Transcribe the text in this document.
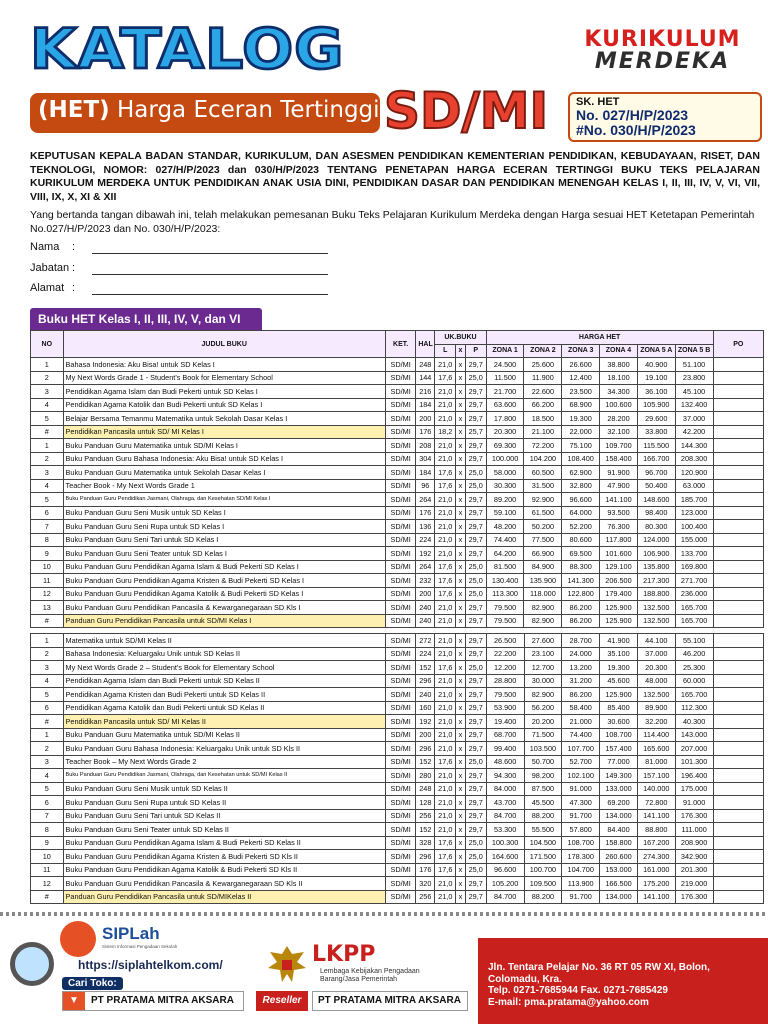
KATALOG	KURIKULUM
MERDEKA
(HET) Harga Eceran Tertinggi SD/MI	SK. HET
No. 027/H/P/2023
#No. 030/H/P/2023
KEPUTUSAN KEPALA BADAN STANDAR, KURIKULUM, DAN ASESMEN PENDIDIKAN KEMENTERIAN PENDIDIKAN, KEBUDAYAAN, RISET, DAN TEKNOLOGI, NOMOR: 027/H/P/2023 dan 030/H/P/2023 TENTANG PENETAPAN HARGA ECERAN TERTINGGI BUKU TEKS PELAJARAN KURIKULUM MERDEKA UNTUK PENDIDIKAN ANAK USIA DINI, PENDIDIKAN DASAR DAN PENDIDIKAN MENENGAH KELAS I, II, III, IV, V, VI, VII, VIII, IX, X, XI & XII
Yang bertanda tangan dibawah ini, telah melakukan pemesanan Buku Teks Pelajaran Kurikulum Merdeka dengan Harga sesuai HET Ketetapan Pemerintah No.027/H/P/2023 dan No. 030/H/P/2023:
Nama :
Jabatan :
Alamat :
Buku HET Kelas I, II, III, IV, V, dan VI
NO	JUDUL BUKU	KET.	HAL	UK.BUKU			HARGA HET						PO
				L	x	P	ZONA 1	ZONA 2	ZONA 3	ZONA 4	ZONA 5 A	ZONA 5 B	
1	Bahasa Indonesia: Aku Bisa! untuk SD Kelas I	SD/MI	248	21,0	x	29,7	24.500	25.600	26.600	38.800	40.900	51.100	
2	My Next Words Grade 1 - Student's Book for Elementary School	SD/MI	144	17,6	x	25,0	11.500	11.900	12.400	18.100	19.100	23.800	
3	Pendidikan Agama Islam dan Budi Pekerti untuk SD Kelas I	SD/MI	216	21,0	x	29,7	21.700	22.600	23.500	34.300	36.100	45.100	
4	Pendidikan Agama Katolik dan Budi Pekerti untuk SD Kelas I	SD/MI	184	21,0	x	29,7	63.600	66.200	68.900	100.600	105.900	132.400	
5	Belajar Bersama Temanmu Matematika untuk Sekolah Dasar Kelas I	SD/MI	200	21,0	x	29,7	17.800	18.500	19.300	28.200	29.600	37.000	
#	Pendidikan Pancasila untuk SD/ MI Kelas I	SD/MI	176	18,2	x	25,7	20.300	21.100	22.000	32.100	33.800	42.200	
1	Buku Panduan Guru Matematika untuk SD/MI Kelas I	SD/MI	208	21,0	x	29,7	69.300	72.200	75.100	109.700	115.500	144.300	
2	Buku Panduan Guru Bahasa Indonesia: Aku Bisa! untuk SD Kelas I	SD/MI	304	21,0	x	29,7	100.000	104.200	108.400	158.400	166.700	208.300	
3	Buku Panduan Guru Matematika untuk Sekolah Dasar Kelas I	SD/MI	184	17,6	x	25,0	58.000	60.500	62.900	91.900	96.700	120.900	
4	Teacher Book - My Next Words Grade 1	SD/MI	96	17,6	x	25,0	30.300	31.500	32.800	47.900	50.400	63.000	
5	Buku Panduan Guru Pendidikan Jasmani, Olahraga, dan Kesehatan SD/MI Kelas I	SD/MI	264	21,0	x	29,7	89.200	92.900	96.600	141.100	148.600	185.700	
6	Buku Panduan Guru Seni Musik untuk SD Kelas I	SD/MI	176	21,0	x	29,7	59.100	61.500	64.000	93.500	98.400	123.000	
7	Buku Panduan Guru Seni Rupa untuk SD Kelas I	SD/MI	136	21,0	x	29,7	48.200	50.200	52.200	76.300	80.300	100.400	
8	Buku Panduan Guru Seni Tari untuk SD Kelas I	SD/MI	224	21,0	x	29,7	74.400	77.500	80.600	117.800	124.000	155.000	
9	Buku Panduan Guru Seni Teater untuk SD Kelas I	SD/MI	192	21,0	x	29,7	64.200	66.900	69.500	101.600	106.900	133.700	
10	Buku Panduan Guru Pendidikan Agama Islam & Budi Pekerti SD Kelas I	SD/MI	264	17,6	x	25,0	81.500	84.900	88.300	129.100	135.800	169.800	
11	Buku Panduan Guru Pendidikan Agama Kristen & Budi Pekerti SD Kelas I	SD/MI	232	17,6	x	25,0	130.400	135.900	141.300	206.500	217.300	271.700	
12	Buku Panduan Guru Pendidikan Agama Katolik & Budi Pekerti SD Kelas I	SD/MI	200	17,6	x	25,0	113.300	118.000	122.800	179.400	188.800	236.000	
13	Buku Panduan Guru Pendidikan Pancasila & Kewarganegaraan SD Kls I	SD/MI	240	21,0	x	29,7	79.500	82.900	86.200	125.900	132.500	165.700	
#	Panduan Guru Pendidikan Pancasila untuk SD/MI Kelas I	SD/MI	240	21,0	x	29,7	79.500	82.900	86.200	125.900	132.500	165.700	
1	Matematika untuk SD/MI Kelas II	SD/MI	272	21,0	x	29,7	26.500	27.600	28.700	41.900	44.100	55.100	
2	Bahasa Indonesia: Keluargaku Unik untuk SD Kelas II	SD/MI	224	21,0	x	29,7	22.200	23.100	24.000	35.100	37.000	46.200	
3	My Next Words Grade 2 – Student's Book for Elementary School	SD/MI	152	17,6	x	25,0	12.200	12.700	13.200	19.300	20.300	25.300	
4	Pendidikan Agama Islam dan Budi Pekerti untuk SD Kelas II	SD/MI	296	21,0	x	29,7	28.800	30.000	31.200	45.600	48.000	60.000	
5	Pendidikan Agama Kristen dan Budi Pekerti untuk SD Kelas II	SD/MI	240	21,0	x	29,7	79.500	82.900	86.200	125.900	132.500	165.700	
6	Pendidikan Agama Katolik dan Budi Pekerti untuk SD Kelas II	SD/MI	160	21,0	x	29,7	53.900	56.200	58.400	85.400	89.900	112.300	
#	Pendidikan Pancasila untuk SD/ MI Kelas II	SD/MI	192	21,0	x	29,7	19.400	20.200	21.000	30.600	32.200	40.300	
1	Buku Panduan Guru Matematika untuk SD/MI Kelas II	SD/MI	200	21,0	x	29,7	68.700	71.500	74.400	108.700	114.400	143.000	
2	Buku Panduan Guru Bahasa Indonesia: Keluargaku Unik untuk SD Kls II	SD/MI	296	21,0	x	29,7	99.400	103.500	107.700	157.400	165.600	207.000	
3	Teacher Book – My Next Words Grade 2	SD/MI	152	17,6	x	25,0	48.600	50.700	52.700	77.000	81.000	101.300	
4	Buku Panduan Guru Pendidikan Jasmani, Olahraga, dan Kesehatan untuk SD/MI Kelas II	SD/MI	280	21,0	x	29,7	94.300	98.200	102.100	149.300	157.100	196.400	
5	Buku Panduan Guru Seni Musik untuk SD Kelas II	SD/MI	248	21,0	x	29,7	84.000	87.500	91.000	133.000	140.000	175.000	
6	Buku Panduan Guru Seni Rupa untuk SD Kelas II	SD/MI	128	21,0	x	29,7	43.700	45.500	47.300	69.200	72.800	91.000	
7	Buku Panduan Guru Seni Tari untuk SD Kelas II	SD/MI	256	21,0	x	29,7	84.700	88.200	91.700	134.000	141.100	176.300	
8	Buku Panduan Guru Seni Teater untuk SD Kelas II	SD/MI	152	21,0	x	29,7	53.300	55.500	57.800	84.400	88.800	111.000	
9	Buku Panduan Guru Pendidikan Agama Islam & Budi Pekerti SD Kelas II	SD/MI	328	17,6	x	25,0	100.300	104.500	108.700	158.800	167.200	208.900	
10	Buku Panduan Guru Pendidikan Agama Kristen & Budi Pekerti SD Kls II	SD/MI	296	17,6	x	25,0	164.600	171.500	178.300	260.600	274.300	342.900	
11	Buku Panduan Guru Pendidikan Agama Katolik & Budi Pekerti SD Kls II	SD/MI	176	17,6	x	25,0	96.600	100.700	104.700	153.000	161.000	201.300	
12	Buku Panduan Guru Pendidikan Pancasila & Kewarganegaraan SD Kls II	SD/MI	320	21,0	x	29,7	105.200	109.500	113.900	166.500	175.200	219.000	
#	Panduan Guru Pendidikan Pancasila untuk SD/MIKelas II	SD/MI	256	21,0	x	29,7	84.700	88.200	91.700	134.000	141.100	176.300	
SIPLah
Sistem Informasi Pengadaan Sekolah
https://siplahtelkom.com/
Cari Toko:
▼	PT PRATAMA MITRA AKSARA
LKPP
Lembaga Kebijakan Pengadaan Barang/Jasa Pemerintah
Reseller	PT PRATAMA MITRA AKSARA
PT PRATAMA MITRA AKSARA
Jln. Tentara Pelajar No. 36 RT 05 RW XI, Bolon, Colomadu, Kra.
Telp. 0271-7685944 Fax. 0271-7685429
E-mail: pma.pratama@yahoo.com
